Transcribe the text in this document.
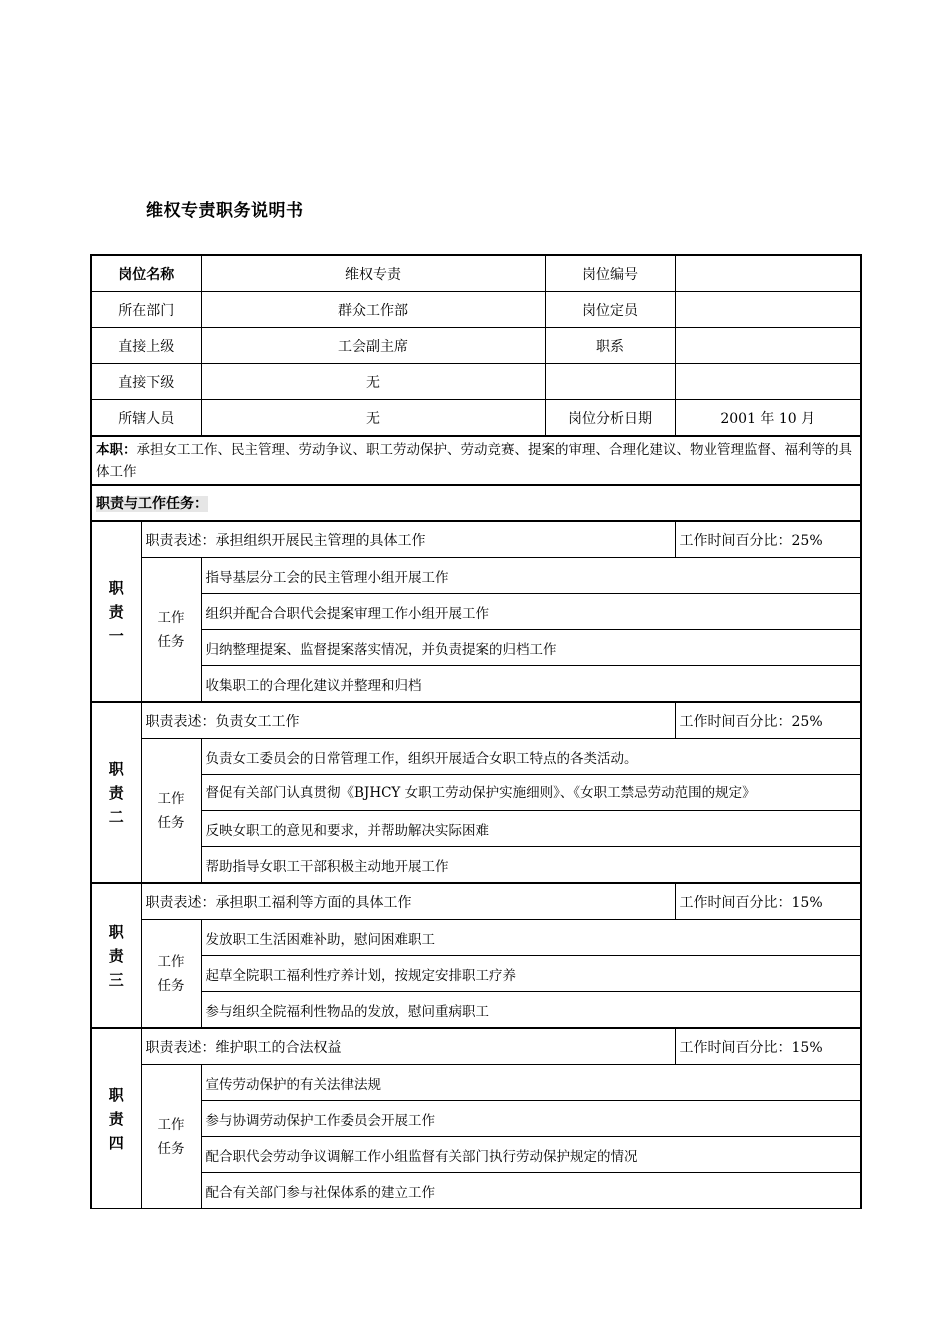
维权专责职务说明书
岗位名称		维权专责	岗位编号	
所在部门		群众工作部	岗位定员	
直接上级		工会副主席	职系	
直接下级		无		
所辖人员		无	岗位分析日期	2001 年 10 月
本职：承担女工工作、民主管理、劳动争议、职工劳动保护、劳动竞赛、提案的审理、合理化建议、物业管理监督、福利等的具体工作				
职责与工作任务：				

职
责
一	职责表述：承担组织开展民主管理的具体工作			工作时间百分比：25%

	工作
任务	指导基层分工会的民主管理小组开展工作		
		组织并配合合职代会提案审理工作小组开展工作		
		归纳整理提案、监督提案落实情况，并负责提案的归档工作		
		收集职工的合理化建议并整理和归档		

职
责
二	职责表述：负责女工工作			工作时间百分比：25%

	工作
任务	负责女工委员会的日常管理工作，组织开展适合女职工特点的各类活动。		
		督促有关部门认真贯彻《BJHCY 女职工劳动保护实施细则》、《女职工禁忌劳动范围的规定》		
		反映女职工的意见和要求，并帮助解决实际困难		
		帮助指导女职工干部积极主动地开展工作		

职
责
三	职责表述：承担职工福利等方面的具体工作			工作时间百分比：15%

	工作
任务	发放职工生活困难补助，慰问困难职工		
		起草全院职工福利性疗养计划，按规定安排职工疗养		
		参与组织全院福利性物品的发放，慰问重病职工		

职
责
四	职责表述：维护职工的合法权益			工作时间百分比：15%

	工作
任务	宣传劳动保护的有关法律法规		
		参与协调劳动保护工作委员会开展工作		
		配合职代会劳动争议调解工作小组监督有关部门执行劳动保护规定的情况		
		配合有关部门参与社保体系的建立工作		
